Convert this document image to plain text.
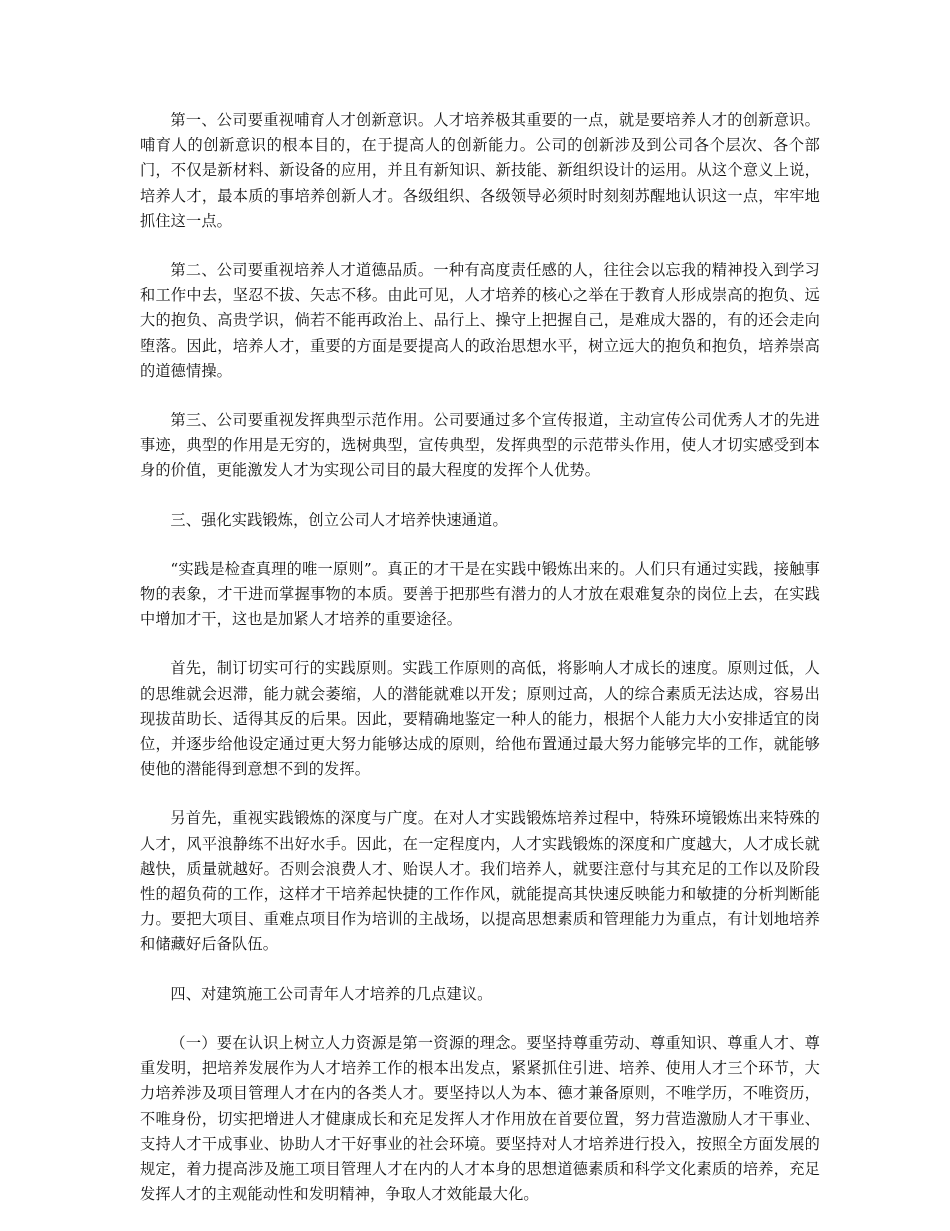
第一、公司要重视哺育人才创新意识。人才培养极其重要的一点，就是要培养人才的创新意识。哺育人的创新意识的根本目的，在于提高人的创新能力。公司的创新涉及到公司各个层次、各个部门，不仅是新材料、新设备的应用，并且有新知识、新技能、新组织设计的运用。从这个意义上说，培养人才，最本质的事培养创新人才。各级组织、各级领导必须时时刻刻苏醒地认识这一点，牢牢地抓住这一点。

第二、公司要重视培养人才道德品质。一种有高度责任感的人，往往会以忘我的精神投入到学习和工作中去，坚忍不拔、矢志不移。由此可见，人才培养的核心之举在于教育人形成崇高的抱负、远大的抱负、高贵学识，倘若不能再政治上、品行上、操守上把握自己，是难成大器的，有的还会走向堕落。因此，培养人才，重要的方面是要提高人的政治思想水平，树立远大的抱负和抱负，培养崇高的道德情操。

第三、公司要重视发挥典型示范作用。公司要通过多个宣传报道，主动宣传公司优秀人才的先进事迹，典型的作用是无穷的，选树典型，宣传典型，发挥典型的示范带头作用，使人才切实感受到本身的价值，更能激发人才为实现公司目的最大程度的发挥个人优势。

三、强化实践锻炼，创立公司人才培养快速通道。

“实践是检查真理的唯一原则”。真正的才干是在实践中锻炼出来的。人们只有通过实践，接触事物的表象，才干进而掌握事物的本质。要善于把那些有潜力的人才放在艰难复杂的岗位上去，在实践中增加才干，这也是加紧人才培养的重要途径。

首先，制订切实可行的实践原则。实践工作原则的高低，将影响人才成长的速度。原则过低，人的思维就会迟滞，能力就会萎缩，人的潜能就难以开发；原则过高，人的综合素质无法达成，容易出现拔苗助长、适得其反的后果。因此，要精确地鉴定一种人的能力，根据个人能力大小安排适宜的岗位，并逐步给他设定通过更大努力能够达成的原则，给他布置通过最大努力能够完毕的工作，就能够使他的潜能得到意想不到的发挥。

另首先，重视实践锻炼的深度与广度。在对人才实践锻炼培养过程中，特殊环境锻炼出来特殊的人才，风平浪静练不出好水手。因此，在一定程度内，人才实践锻炼的深度和广度越大，人才成长就越快，质量就越好。否则会浪费人才、贻误人才。我们培养人，就要注意付与其充足的工作以及阶段性的超负荷的工作，这样才干培养起快捷的工作作风，就能提高其快速反映能力和敏捷的分析判断能力。要把大项目、重难点项目作为培训的主战场，以提高思想素质和管理能力为重点，有计划地培养和储藏好后备队伍。

四、对建筑施工公司青年人才培养的几点建议。

（一）要在认识上树立人力资源是第一资源的理念。要坚持尊重劳动、尊重知识、尊重人才、尊重发明，把培养发展作为人才培养工作的根本出发点，紧紧抓住引进、培养、使用人才三个环节，大力培养涉及项目管理人才在内的各类人才。要坚持以人为本、德才兼备原则，不唯学历，不唯资历，不唯身份，切实把增进人才健康成长和充足发挥人才作用放在首要位置，努力营造激励人才干事业、支持人才干成事业、协助人才干好事业的社会环境。要坚持对人才培养进行投入，按照全方面发展的规定，着力提高涉及施工项目管理人才在内的人才本身的思想道德素质和科学文化素质的培养，充足发挥人才的主观能动性和发明精神，争取人才效能最大化。
